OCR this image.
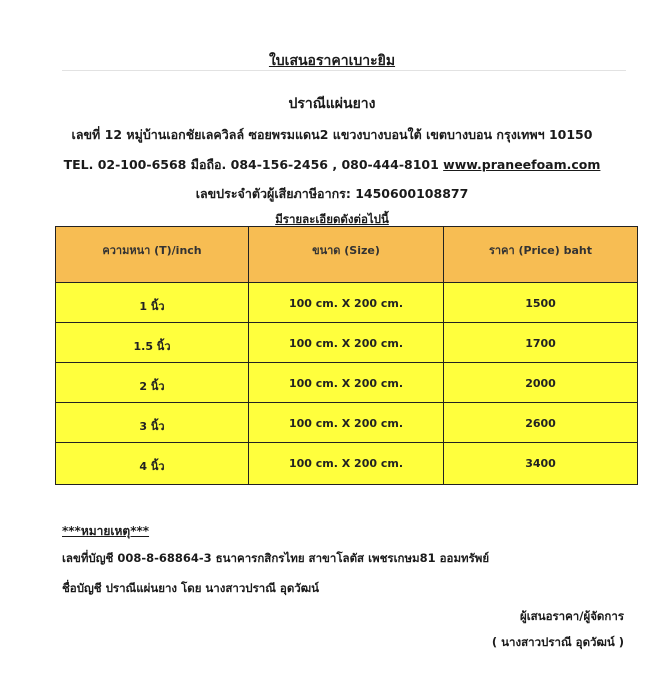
ใบเสนอราคาเบาะยิม
ปราณีแผ่นยาง
เลขที่ 12 หมู่บ้านเอกชัยเลควิลล์ ซอยพรมแดน2 แขวงบางบอนใต้ เขตบางบอน กรุงเทพฯ 10150
TEL. 02-100-6568 มือถือ. 084-156-2456 , 080-444-8101 www.praneefoam.com
เลขประจำตัวผู้เสียภาษีอากร: 1450600108877
มีรายละเอียดดังต่อไปนี้
ความหนา (T)/inch	ขนาด (Size)	ราคา (Price) baht
1 นิ้ว	100 cm. X 200 cm.	1500
1.5 นิ้ว	100 cm. X 200 cm.	1700
2 นิ้ว	100 cm. X 200 cm.	2000
3 นิ้ว	100 cm. X 200 cm.	2600
4 นิ้ว	100 cm. X 200 cm.	3400
***หมายเหตุ***
เลขที่บัญชี 008-8-68864-3 ธนาคารกสิกรไทย สาขาโลตัส เพชรเกษม81 ออมทรัพย์
ชื่อบัญชี ปราณีแผ่นยาง โดย นางสาวปราณี อุดวัฒน์
ผู้เสนอราคา/ผู้จัดการ
( นางสาวปราณี อุดวัฒน์ )
